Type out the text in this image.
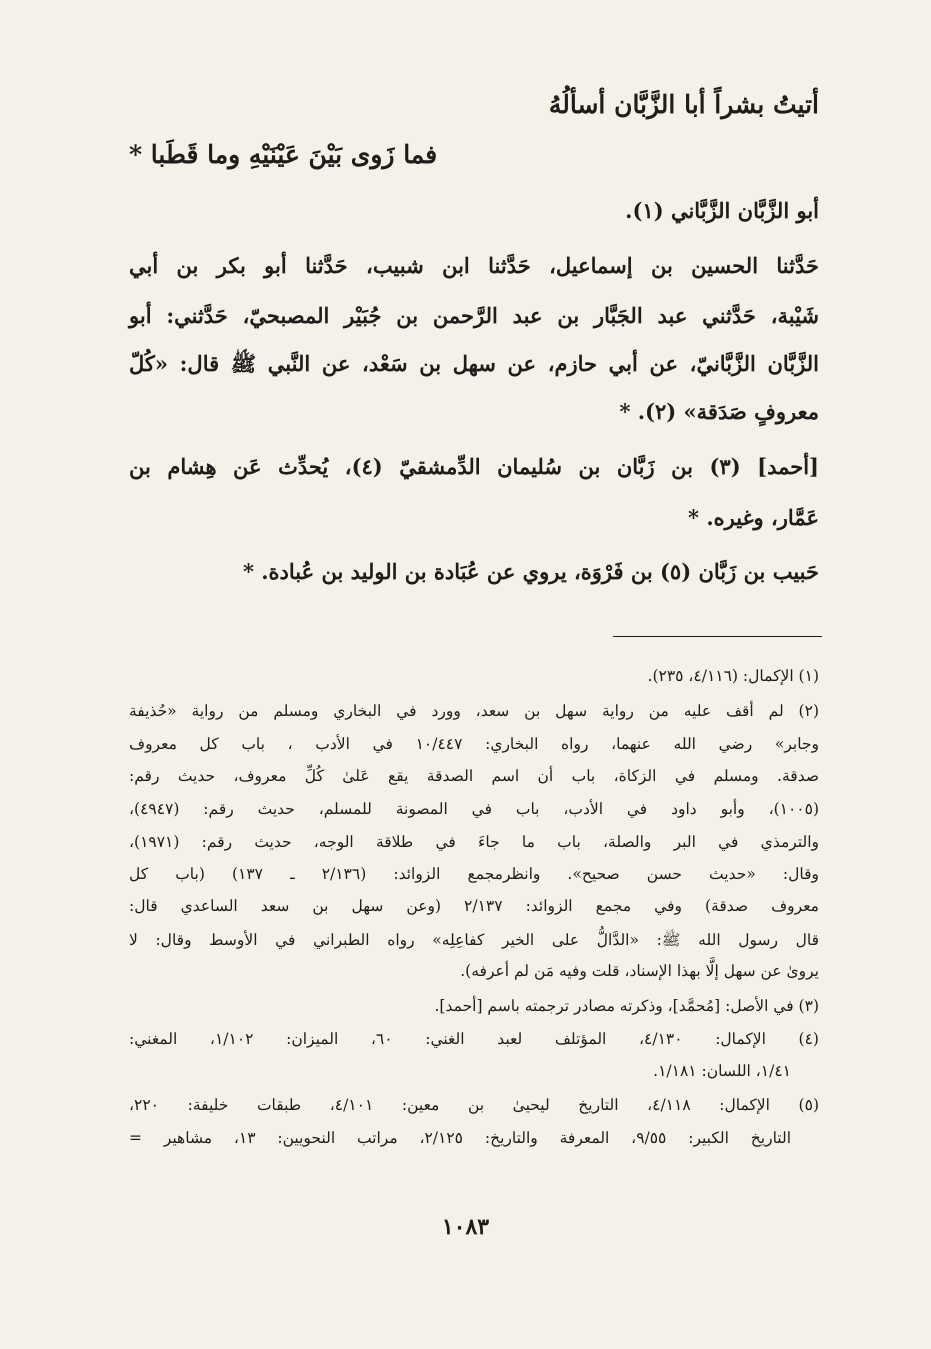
أتيتُ بشراً أبا الزَّبَّان أسألُهُ
فما زَوى بَيْنَ عَيْنَيْهِ وما قَطَبا *
أبو الزَّبَّان الزَّبَّاني (١).
حَدَّثنا الحسين بن إسماعيل، حَدَّثنا ابن شبيب، حَدَّثنا أبو بكر بن أبي
شَيْبة، حَدَّثني عبد الجَبَّار بن عبد الرَّحمن بن جُبَيْر المصبحيّ، حَدَّثني: أبو
الزَّبَّان الزَّبَّانيّ، عن أبي حازم، عن سهل بن سَعْد، عن النَّبي ﷺ قال: «كُلّ
معروفٍ صَدَقة» (٢). *
[أحمد] (٣) بن زَبَّان بن سُليمان الدِّمشقيّ (٤)، يُحدِّث عَن هِشام بن
عَمَّار، وغيره. *
حَبيب بن زَبَّان (٥) بن فَرْوَة، يروي عن عُبَادة بن الوليد بن عُبادة. *
(١) الإكمال: (٤/١١٦، ٢٣٥).
(٢) لم أقف عليه من رواية سهل بن سعد، وورد في البخاري ومسلم من رواية «حُذيفة
وجابر» رضي الله عنهما، رواه البخاري: ١٠/٤٤٧ في الأدب ، باب كل معروف
صدقة. ومسلم في الزكاة، باب أن اسم الصدقة يقع عَلىٰ كُلِّ معروف، حديث رقم:
(١٠٠٥)، وأبو داود في الأدب، باب في المصونة للمسلم، حديث رقم: (٤٩٤٧)،
والترمذي في البر والصلة، باب ما جاءَ في طلاقة الوجه، حديث رقم: (١٩٧١)،
وقال: «حديث حسن صحيح». وانظرمجمع الزوائد: (٢/١٣٦ ـ ١٣٧) (باب كل
معروف صدقة) وفي مجمع الزوائد: ٢/١٣٧ (وعن سهل بن سعد الساعدي قال:
قال رسول الله ﷺ: «الدَّالُّ على الخير كفاعِلِه» رواه الطبراني في الأوسط وقال: لا
يروىٰ عن سهل إلَّا بهذا الإسناد، قلت وفيه مَن لم أعرفه).
(٣) في الأصل: [مُحمَّد]، وذكرته مصادر ترجمته باسم [أحمد].
(٤) الإكمال: ٤/١٣٠، المؤتلف لعبد الغني: ٦٠، الميزان: ١/١٠٢، المغني:
١/٤١، اللسان: ١/١٨١.
(٥) الإكمال: ٤/١١٨، التاريخ ليحيىٰ بن معين: ٤/١٠١، طبقات خليفة: ٢٢٠،
التاريخ الكبير: ٩/٥٥، المعرفة والتاريخ: ٢/١٢٥، مراتب النحويين: ١٣، مشاهير =
١٠٨٣
